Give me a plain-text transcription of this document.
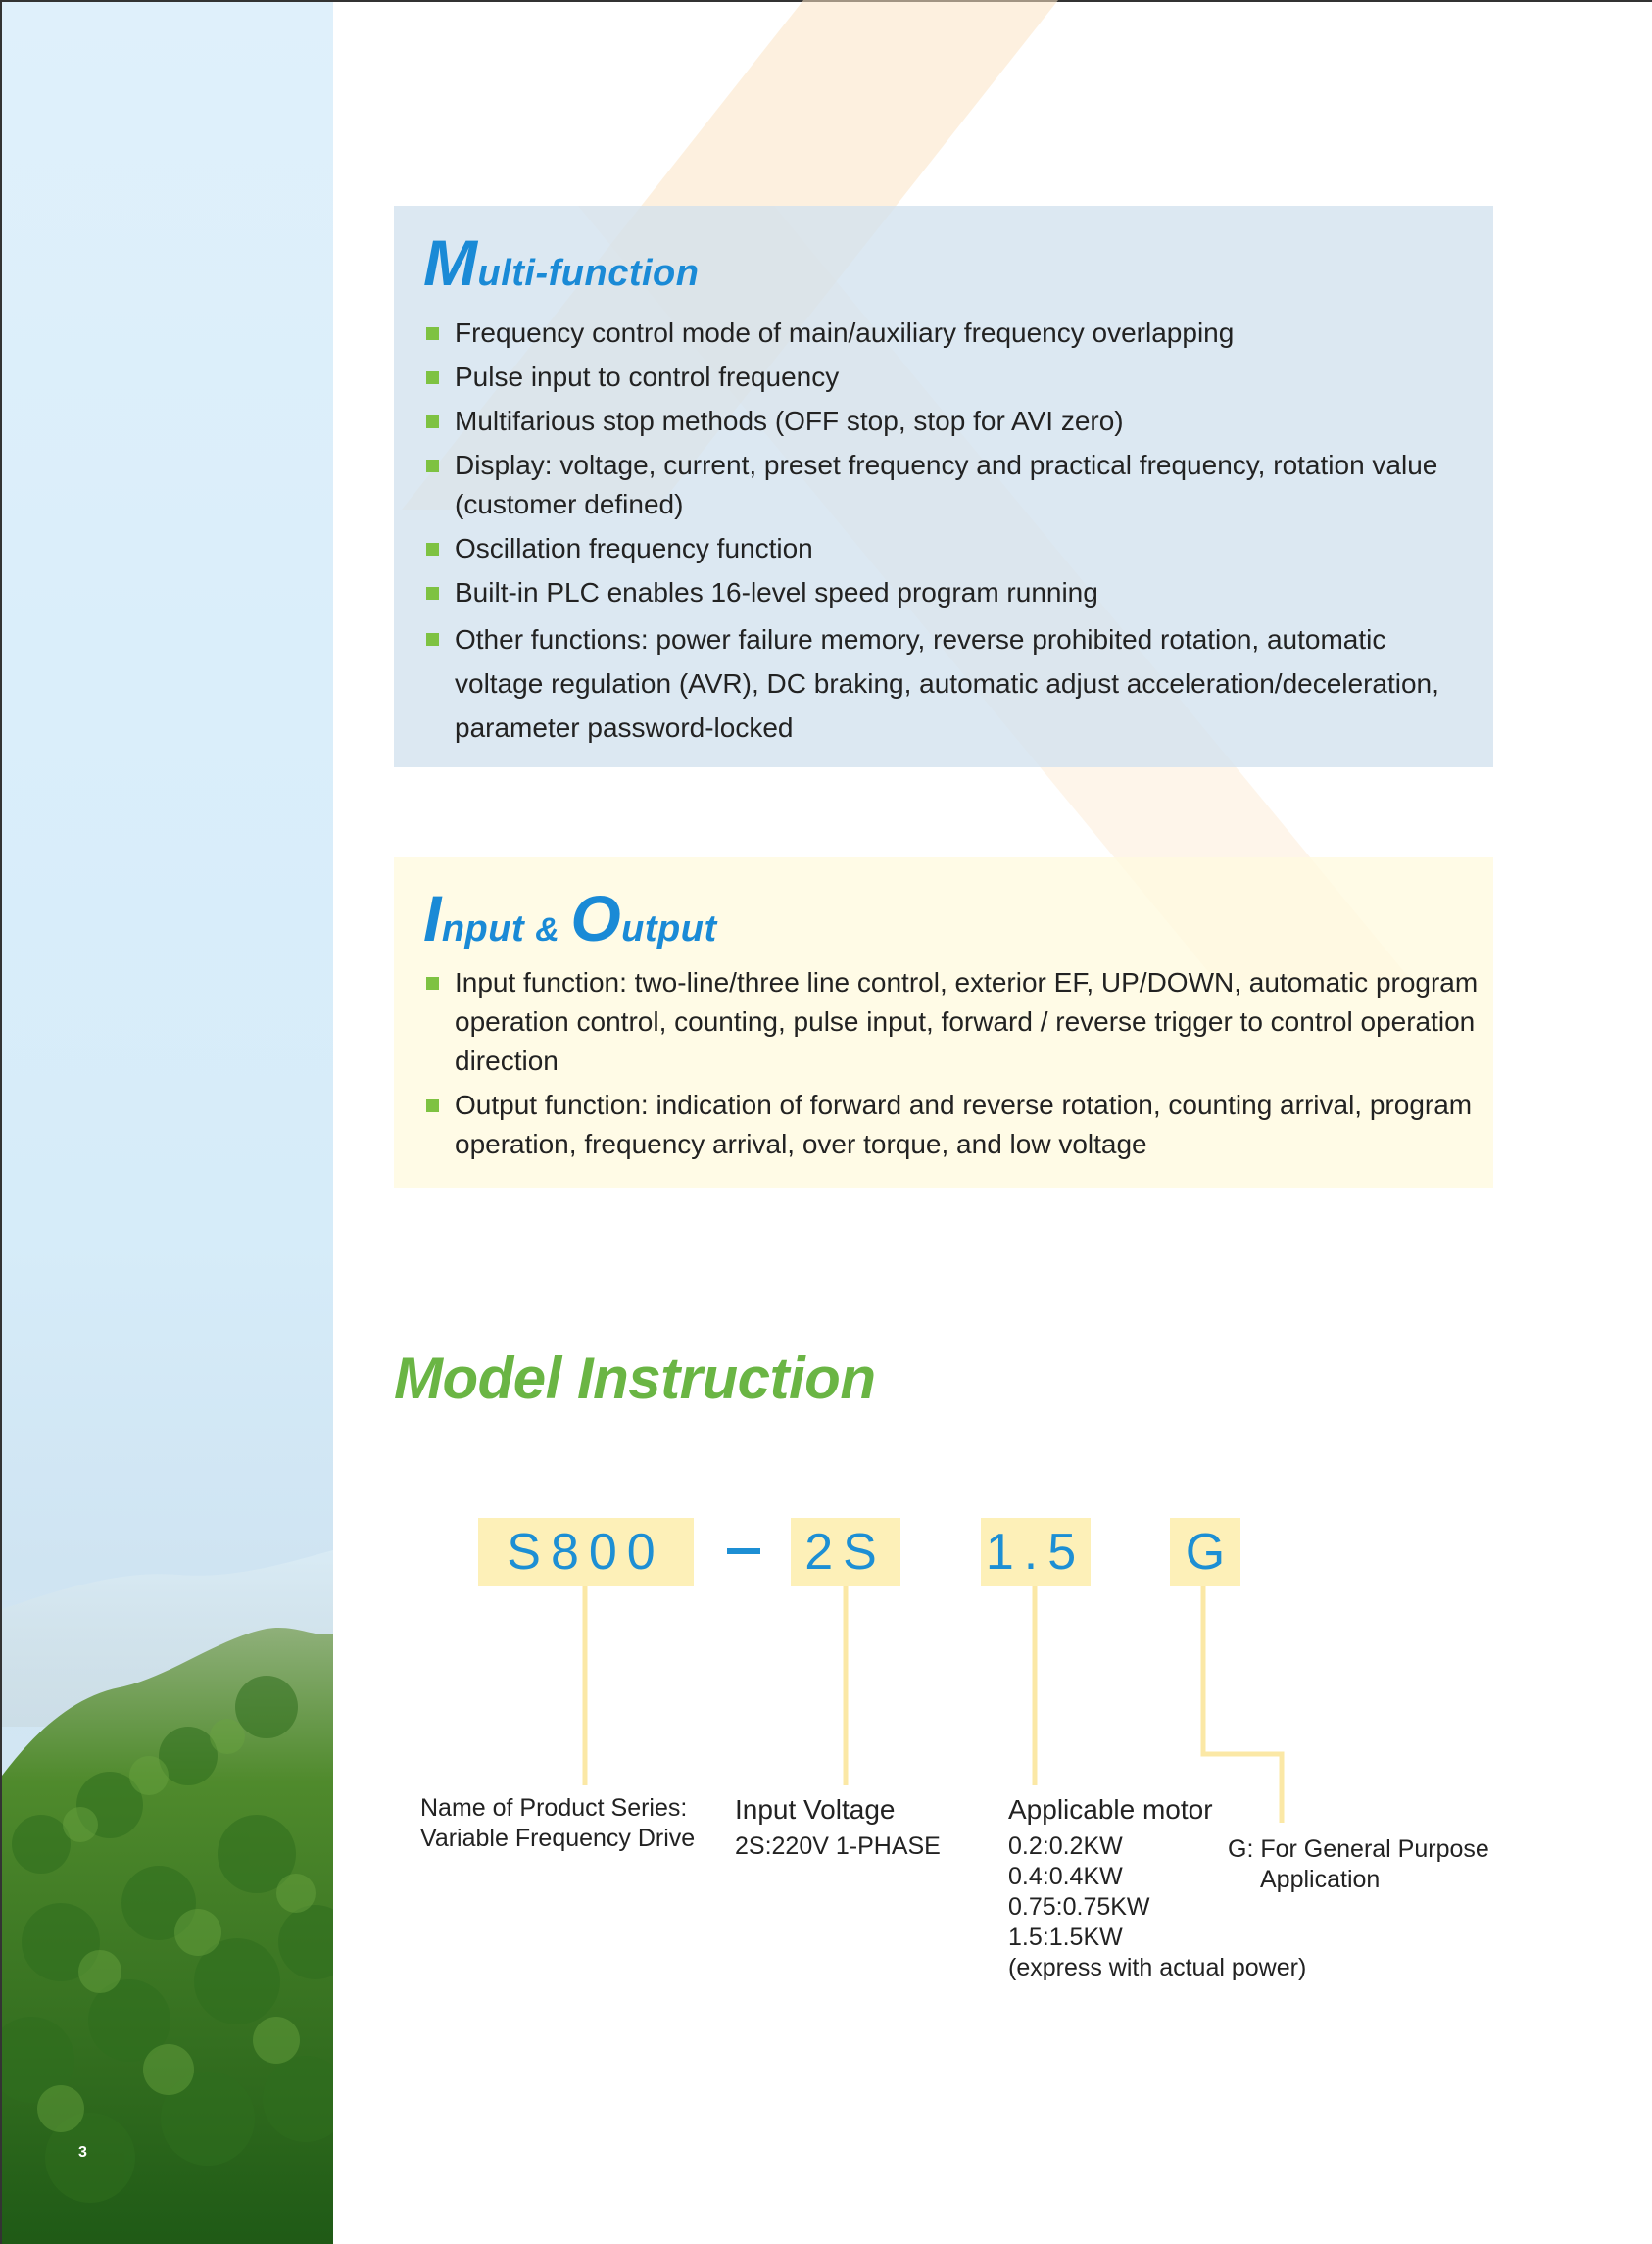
3
Multi-function
Frequency control mode of main/auxiliary frequency overlapping
Pulse input to control frequency
Multifarious stop methods (OFF stop, stop for AVI zero)
Display: voltage, current, preset frequency and practical frequency, rotation value (customer defined)
Oscillation frequency function
Built-in PLC enables 16-level speed program running
Other functions: power failure memory, reverse prohibited rotation, automatic voltage regulation (AVR), DC braking, automatic adjust acceleration/deceleration, parameter password-locked
Input & Output
Input function: two-line/three line control, exterior EF, UP/DOWN, automatic program operation control, counting, pulse input, forward / reverse trigger to control operation direction
Output function: indication of forward and reverse rotation, counting arrival, program operation, frequency arrival, over torque, and low voltage
Model Instruction
S800	2S 1.5	G
Name of Product Series:
Variable Frequency Drive
Input Voltage
2S:220V 1-PHASE
Applicable motor
0.2:0.2KW
0.4:0.4KW
0.75:0.75KW
1.5:1.5KW
(express with actual power)
G: For General Purpose
Application
